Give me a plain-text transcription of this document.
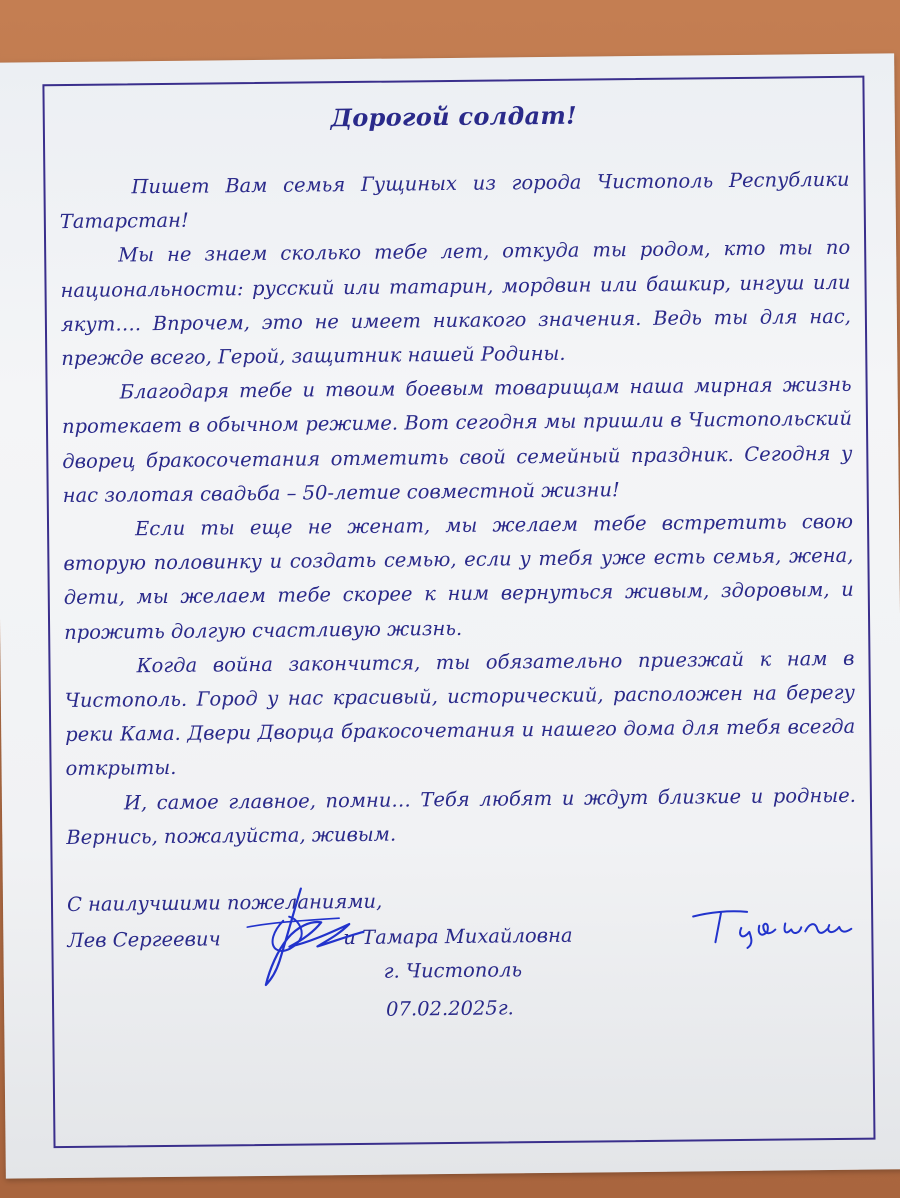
Дорогой солдат!

Пишет Вам семья Гущиных из города Чистополь Республики Татарстан!

Мы не знаем сколько тебе лет, откуда ты родом, кто ты по национальности: русский или татарин, мордвин или башкир, ингуш или якут…. Впрочем, это не имеет никакого значения. Ведь ты для нас, прежде всего, Герой, защитник нашей Родины.

Благодаря тебе и твоим боевым товарищам наша мирная жизнь протекает в обычном режиме. Вот сегодня мы пришли в Чистопольский дворец бракосочетания отметить свой семейный праздник. Сегодня у нас золотая свадьба – 50-летие совместной жизни!

Если ты еще не женат, мы желаем тебе встретить свою вторую половинку и создать семью, если у тебя уже есть семья, жена, дети, мы желаем тебе скорее к ним вернуться живым, здоровым, и прожить долгую счастливую жизнь.

Когда война закончится, ты обязательно приезжай к нам в Чистополь. Город у нас красивый, исторический, расположен на берегу реки Кама. Двери Дворца бракосочетания и нашего дома для тебя всегда открыты.

И, самое главное, помни… Тебя любят и ждут близкие и родные. Вернись, пожалуйста, живым.

С наилучшими пожеланиями,
Лев Сергеевич	и Тамара Михайловна
г. Чистополь
07.02.2025г.
